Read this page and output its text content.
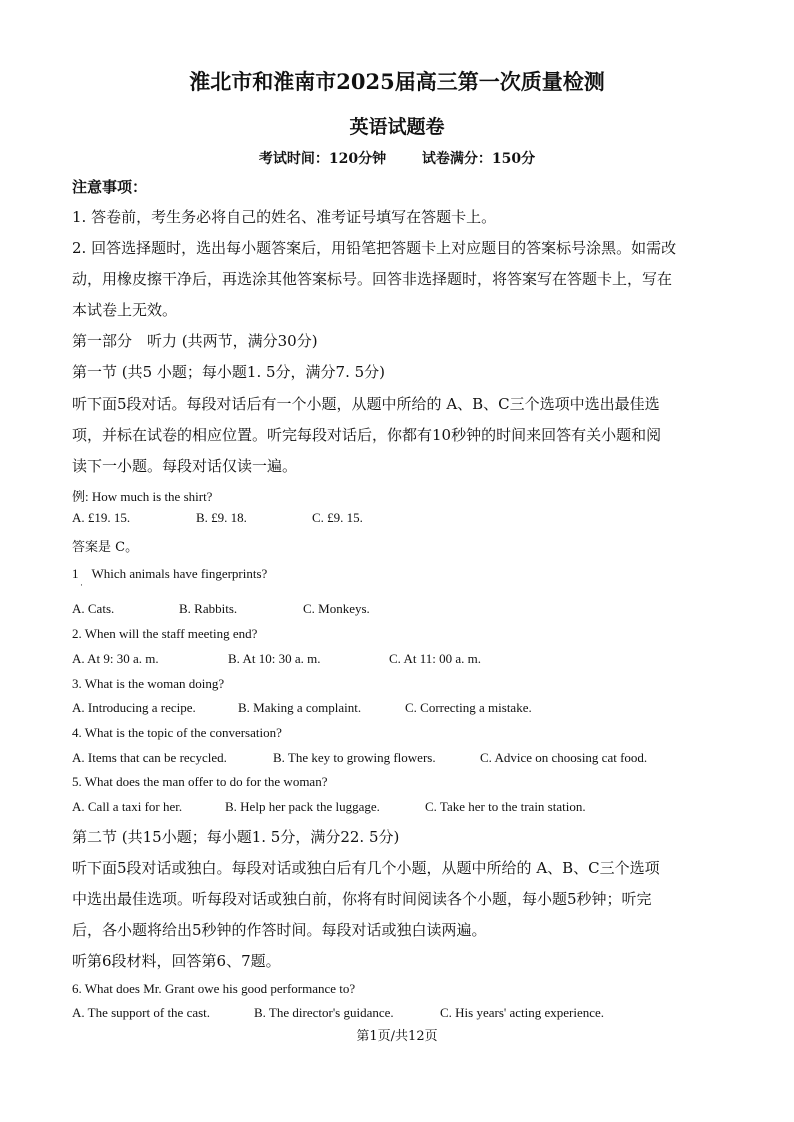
淮北市和淮南市2025届高三第一次质量检测
英语试题卷
考试时间：120分钟	试卷满分：150分
注意事项：
1. 答卷前，考生务必将自己的姓名、准考证号填写在答题卡上。
2. 回答选择题时，选出每小题答案后，用铅笔把答题卡上对应题目的答案标号涂黑。如需改
动，用橡皮擦干净后，再选涂其他答案标号。回答非选择题时，将答案写在答题卡上，写在
本试卷上无效。
第一部分　听力 (共两节，满分30分)
第一节 (共5 小题；每小题1. 5分，满分7. 5分)
听下面5段对话。每段对话后有一个小题，从题中所给的 A、B、C三个选项中选出最佳选
项，并标在试卷的相应位置。听完每段对话后，你都有10秒钟的时间来回答有关小题和阅
读下一小题。每段对话仅读一遍。
例: How much is the shirt?
A. £19. 15.	B. £9. 18.	C. £9. 15.
答案是 C。
1　Which animals have fingerprints?
·
A. Cats.	B. Rabbits.	C. Monkeys.
2. When will the staff meeting end?
A. At 9: 30 a. m.	B. At 10: 30 a. m.	C. At 11: 00 a. m.
3. What is the woman doing?
A. Introducing a recipe.	B. Making a complaint.	C. Correcting a mistake.
4. What is the topic of the conversation?
A. Items that can be recycled.	B. The key to growing flowers.	C. Advice on choosing cat food.
5. What does the man offer to do for the woman?
A. Call a taxi for her.	B. Help her pack the luggage.	C. Take her to the train station.
第二节 (共15小题；每小题1. 5分，满分22. 5分)
听下面5段对话或独白。每段对话或独白后有几个小题，从题中所给的 A、B、C三个选项
中选出最佳选项。听每段对话或独白前，你将有时间阅读各个小题，每小题5秒钟；听完
后，各小题将给出5秒钟的作答时间。每段对话或独白读两遍。
听第6段材料，回答第6、7题。
6. What does Mr. Grant owe his good performance to?
A. The support of the cast.	B. The director's guidance.	C. His years' acting experience.
第1页/共12页
